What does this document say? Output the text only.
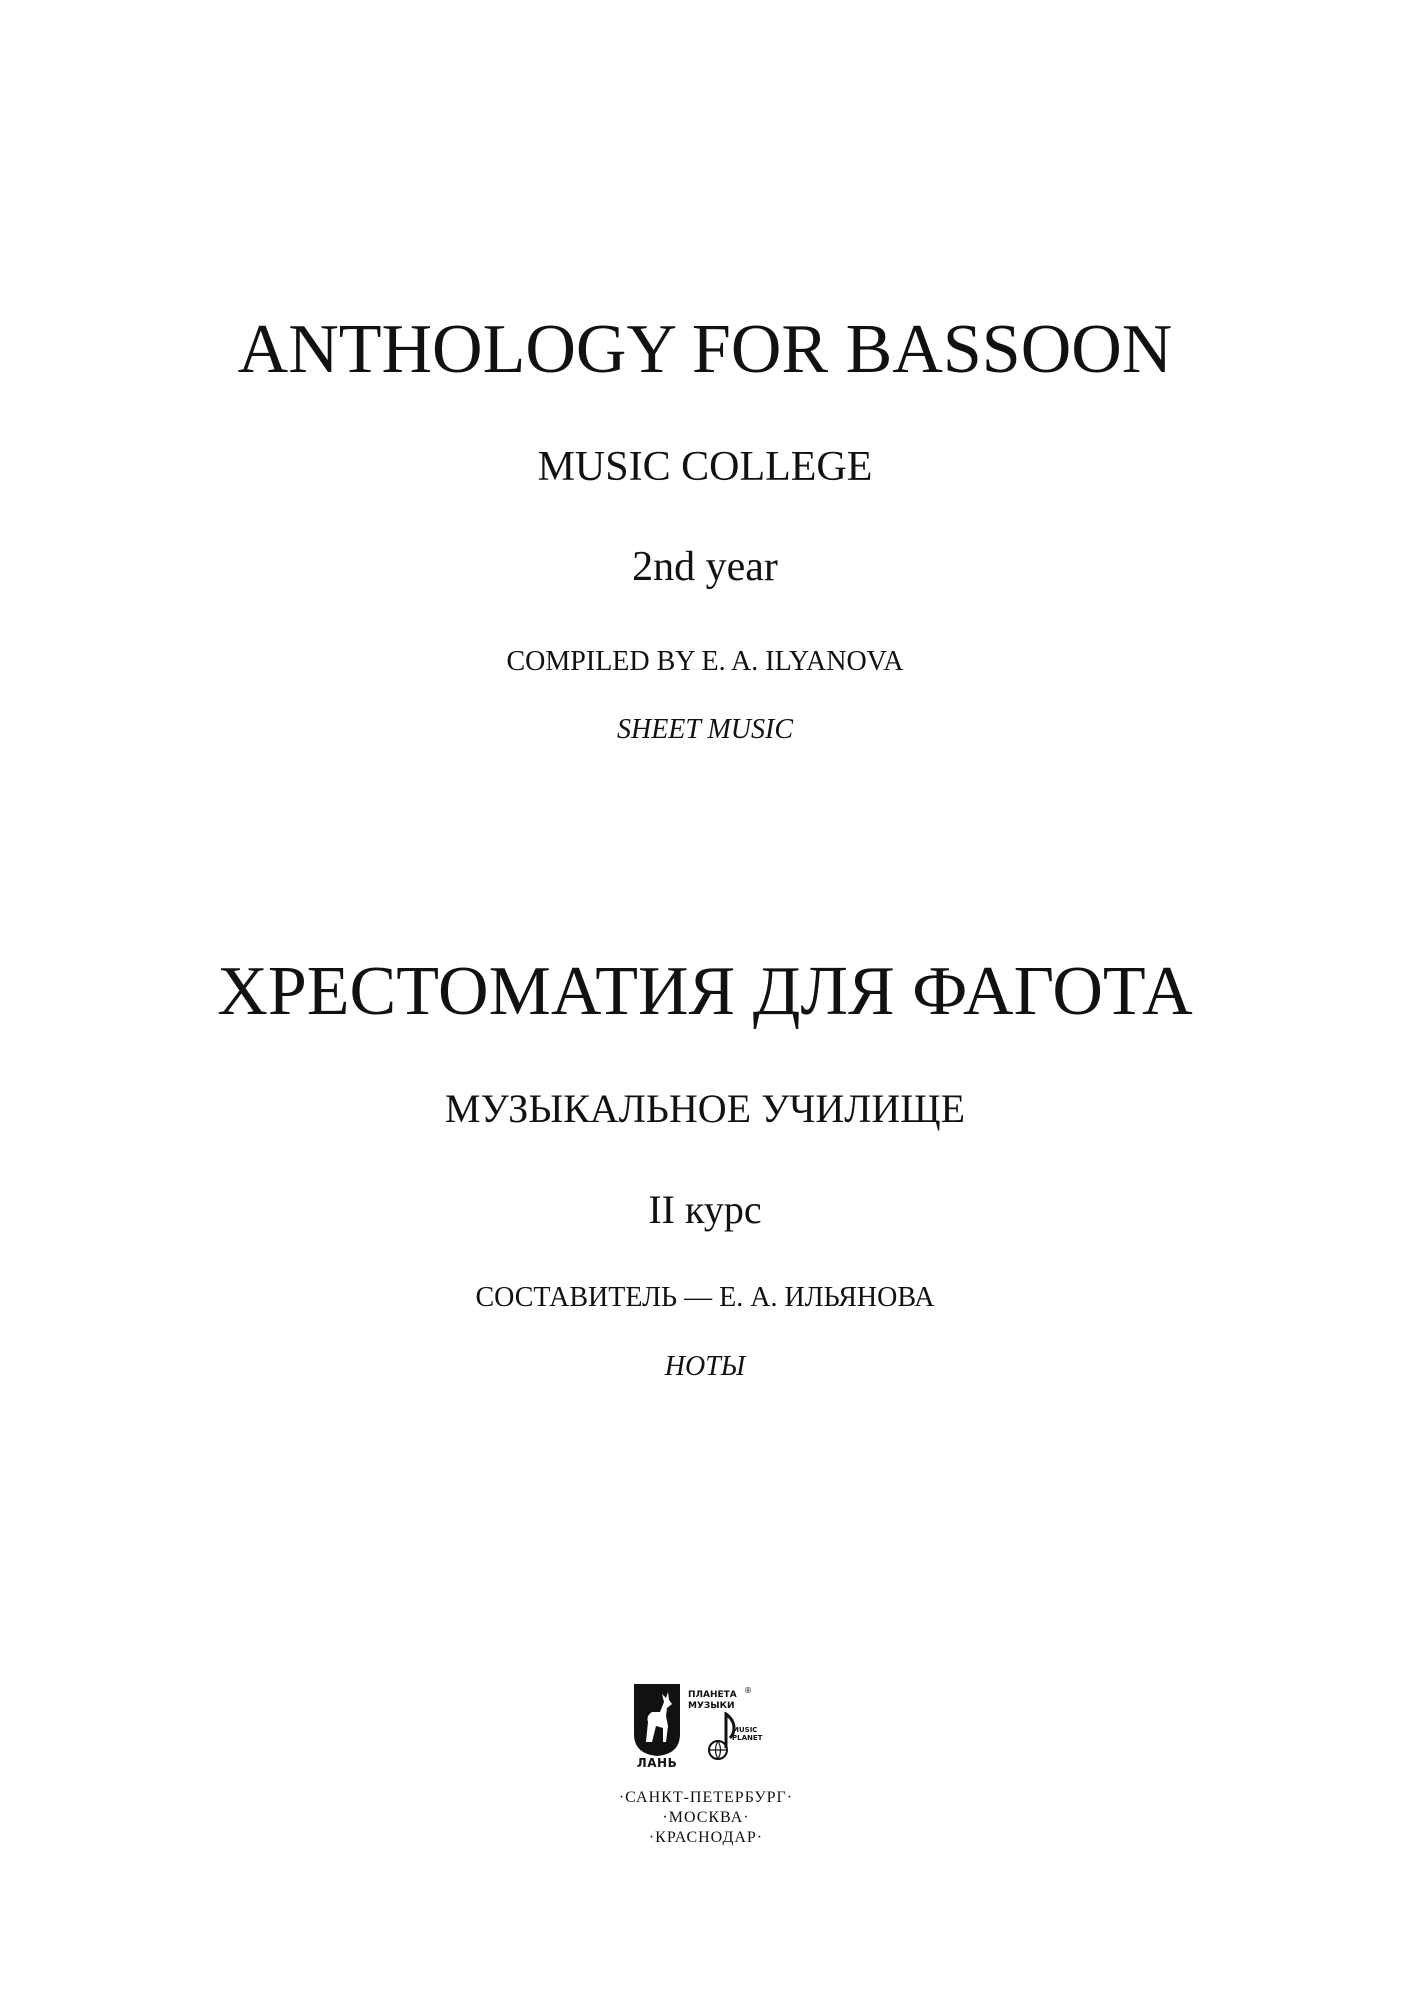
ANTHOLOGY FOR BASSOON
MUSIC COLLEGE
2nd year
COMPILED BY E. A. ILYANOVA
SHEET MUSIC
ХРЕСТОМАТИЯ ДЛЯ ФАГОТА
МУЗЫКАЛЬНОЕ УЧИЛИЩЕ
II курс
СОСТАВИТЕЛЬ — Е. А. ИЛЬЯНОВА
НОТЫ
ЛАНЬ
ПЛАНЕТА
МУЗЫКИ
®
MUSIC
PLANET
·САНКТ-ПЕТЕРБУРГ·
·МОСКВА·
·КРАСНОДАР·
